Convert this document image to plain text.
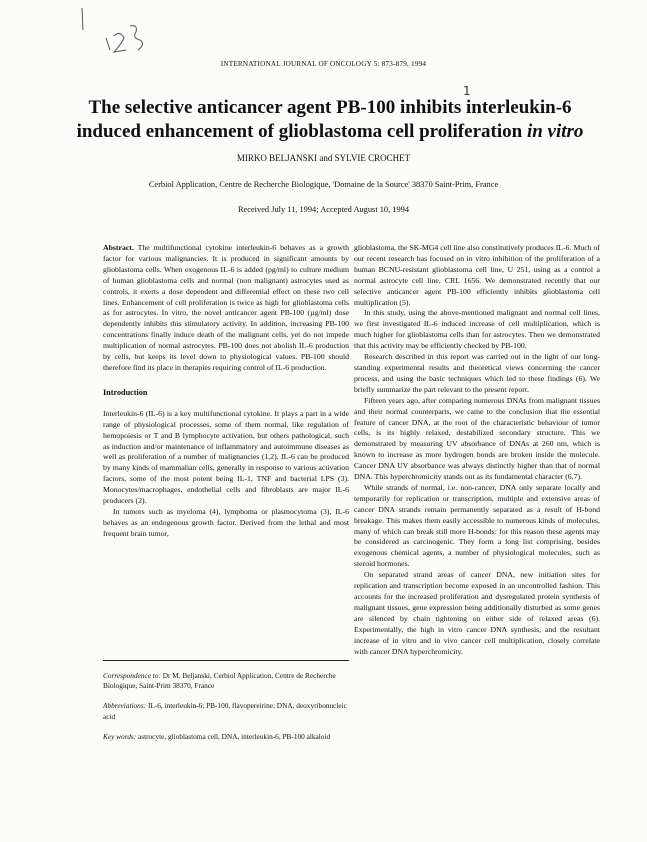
INTERNATIONAL JOURNAL OF ONCOLOGY 5: 873-879, 1994
1
The selective anticancer agent PB-100 inhibits interleukin-6 induced enhancement of glioblastoma cell proliferation in vitro
MIRKO BELJANSKI and SYLVIE CROCHET
Cerbiol Application, Centre de Recherche Biologique, 'Domaine de la Source' 38370 Saint-Prim, France
Received July 11, 1994; Accepted August 10, 1994

Abstract. The multifunctional cytokine interleukin-6 behaves as a growth factor for various malignancies. It is produced in significant amounts by glioblastoma cells. When exogenous IL-6 is added (pg/ml) to culture medium of human glioblastoma cells and normal (non malignant) astrocytes used as controls, it exerts a dose dependent and differential effect on these two cell lines. Enhancement of cell proliferation is twice as high for glioblastoma cells as for astrocytes. In vitro, the novel anticancer agent PB-100 (µg/ml) dose dependently inhibits this stimulatory activity. In addition, increasing PB-100 concentrations finally induce death of the malignant cells, yet do not impede multiplication of normal astrocytes. PB-100 does not abolish IL-6 production by cells, but keeps its level down to physiological values. PB-100 should therefore find its place in therapies requiring control of IL-6 production.

Introduction

Interleukin-6 (IL-6) is a key multifunctional cytokine. It plays a part in a wide range of physiological processes, some of them normal, like regulation of hemopoiesis or T and B lymphocyte activation, but others pathological, such as induction and/or maintenance of inflammatory and autoimmune diseases as well as proliferation of a number of malignancies (1,2). IL-6 can be produced by many kinds of mammalian cells, generally in response to various activation factors, some of the most potent being IL-1, TNF and bacterial LPS (3). Monocytes/macrophages, endothelial cells and fibroblasts are major IL-6 producers (2).

In tumors such as myeloma (4), lymphoma or plasmocytoma (3), IL-6 behaves as an endogenous growth factor. Derived from the lethal and most frequent brain tumor,

Correspondence to: Dr M. Beljanski, Cerbiol Application, Centre de Recherche Biologique, Saint-Prim 38370, France

Abbreviations: IL-6, interleukin-6; PB-100, flavopereirine; DNA, deoxyribonucleic acid

Key words: astrocyte, glioblastoma cell, DNA, interleukin-6, PB-100 alkaloid

glioblastoma, the SK-MG4 cell line also constitutively produces IL-6. Much of our recent research has focused on in vitro inhibition of the proliferation of a human BCNU-resistant glioblastoma cell line, U 251, using as a control a normal astrocyte cell line, CRL 1656. We demonstrated recently that our selective anticancer agent PB-100 efficiently inhibits glioblastoma cell multiplication (5).

In this study, using the above-mentioned malignant and normal cell lines, we first investigated IL-6 induced increase of cell multiplication, which is much higher for glioblastoma cells than for astrocytes. Then we demonstrated that this activity may be efficiently checked by PB-100.

Research described in this report was carried out in the light of our long-standing experimental results and theoretical views concerning the cancer process, and using the basic techniques which led to these findings (6). We briefly summarize the part relevant to the present report.

Fifteen years ago, after comparing numerous DNAs from malignant tissues and their normal counterparts, we came to the conclusion that the essential feature of cancer DNA, at the root of the characteristic behaviour of tumor cells, is its highly relaxed, destabilized secondary structure. This we demonstrated by measuring UV absorbance of DNAs at 260 nm, which is known to increase as more hydrogen bonds are broken inside the molecule. Cancer DNA UV absorbance was always distinctly higher than that of normal DNA. This hyperchromicity stands out as its fundamental character (6,7).

While strands of normal, i.e. non-cancer, DNA only separate locally and temporarily for replication or transcription, multiple and extensive areas of cancer DNA strands remain permanently separated as a result of H-bond breakage. This makes them easily accessible to numerous kinds of molecules, many of which can break still more H-bonds: for this reason these agents may be considered as carcinogenic. They form a long list comprising, besides exogenous chemical agents, a number of physiological molecules, such as steroid hormones.

On separated strand areas of cancer DNA, new initiation sites for replication and transcription become exposed in an uncontrolled fashion. This accounts for the increased proliferation and dysregulated protein synthesis of malignant tissues, gene expression being additionally disturbed as some genes are silenced by chain tightening on either side of relaxed areas (6). Experimentally, the high in vitro cancer DNA synthesis, and the resultant increase of in vitro and in vivo cancer cell multiplication, closely correlate with cancer DNA hyperchromicity.
